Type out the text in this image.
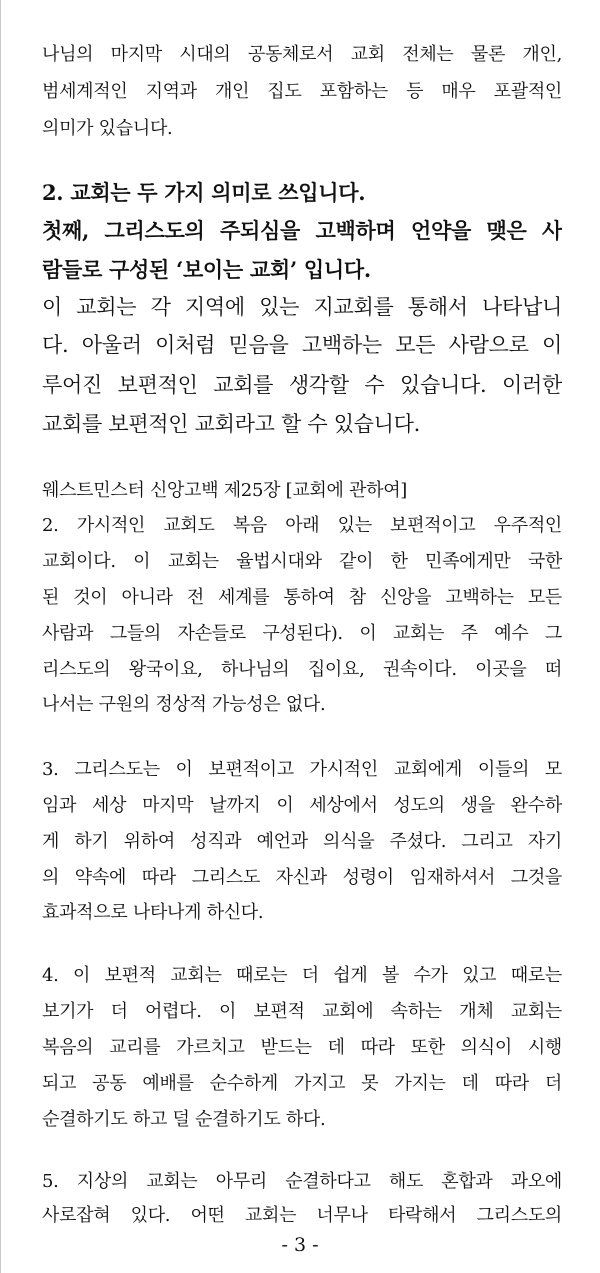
나님의 마지막 시대의 공동체로서 교회 전체는 물론 개인,
범세계적인 지역과 개인 집도 포함하는 등 매우 포괄적인
의미가 있습니다.
2. 교회는 두 가지 의미로 쓰입니다.
첫째, 그리스도의 주되심을 고백하며 언약을 맺은 사
람들로 구성된 ‘보이는 교회’ 입니다.
이 교회는 각 지역에 있는 지교회를 통해서 나타납니
다. 아울러 이처럼 믿음을 고백하는 모든 사람으로 이
루어진 보편적인 교회를 생각할 수 있습니다. 이러한
교회를 보편적인 교회라고 할 수 있습니다.
웨스트민스터 신앙고백 제25장 [교회에 관하여]
2. 가시적인 교회도 복음 아래 있는 보편적이고 우주적인
교회이다. 이 교회는 율법시대와 같이 한 민족에게만 국한
된 것이 아니라 전 세계를 통하여 참 신앙을 고백하는 모든
사람과 그들의 자손들로 구성된다). 이 교회는 주 예수 그
리스도의 왕국이요, 하나님의 집이요, 권속이다. 이곳을 떠
나서는 구원의 정상적 가능성은 없다.
3. 그리스도는 이 보편적이고 가시적인 교회에게 이들의 모
임과 세상 마지막 날까지 이 세상에서 성도의 생을 완수하
게 하기 위하여 성직과 예언과 의식을 주셨다. 그리고 자기
의 약속에 따라 그리스도 자신과 성령이 임재하셔서 그것을
효과적으로 나타나게 하신다.
4. 이 보편적 교회는 때로는 더 쉽게 볼 수가 있고 때로는
보기가 더 어렵다. 이 보편적 교회에 속하는 개체 교회는
복음의 교리를 가르치고 받드는 데 따라 또한 의식이 시행
되고 공동 예배를 순수하게 가지고 못 가지는 데 따라 더
순결하기도 하고 덜 순결하기도 하다.
5. 지상의 교회는 아무리 순결하다고 해도 혼합과 과오에
사로잡혀 있다. 어떤 교회는 너무나 타락해서 그리스도의
- 3 -
